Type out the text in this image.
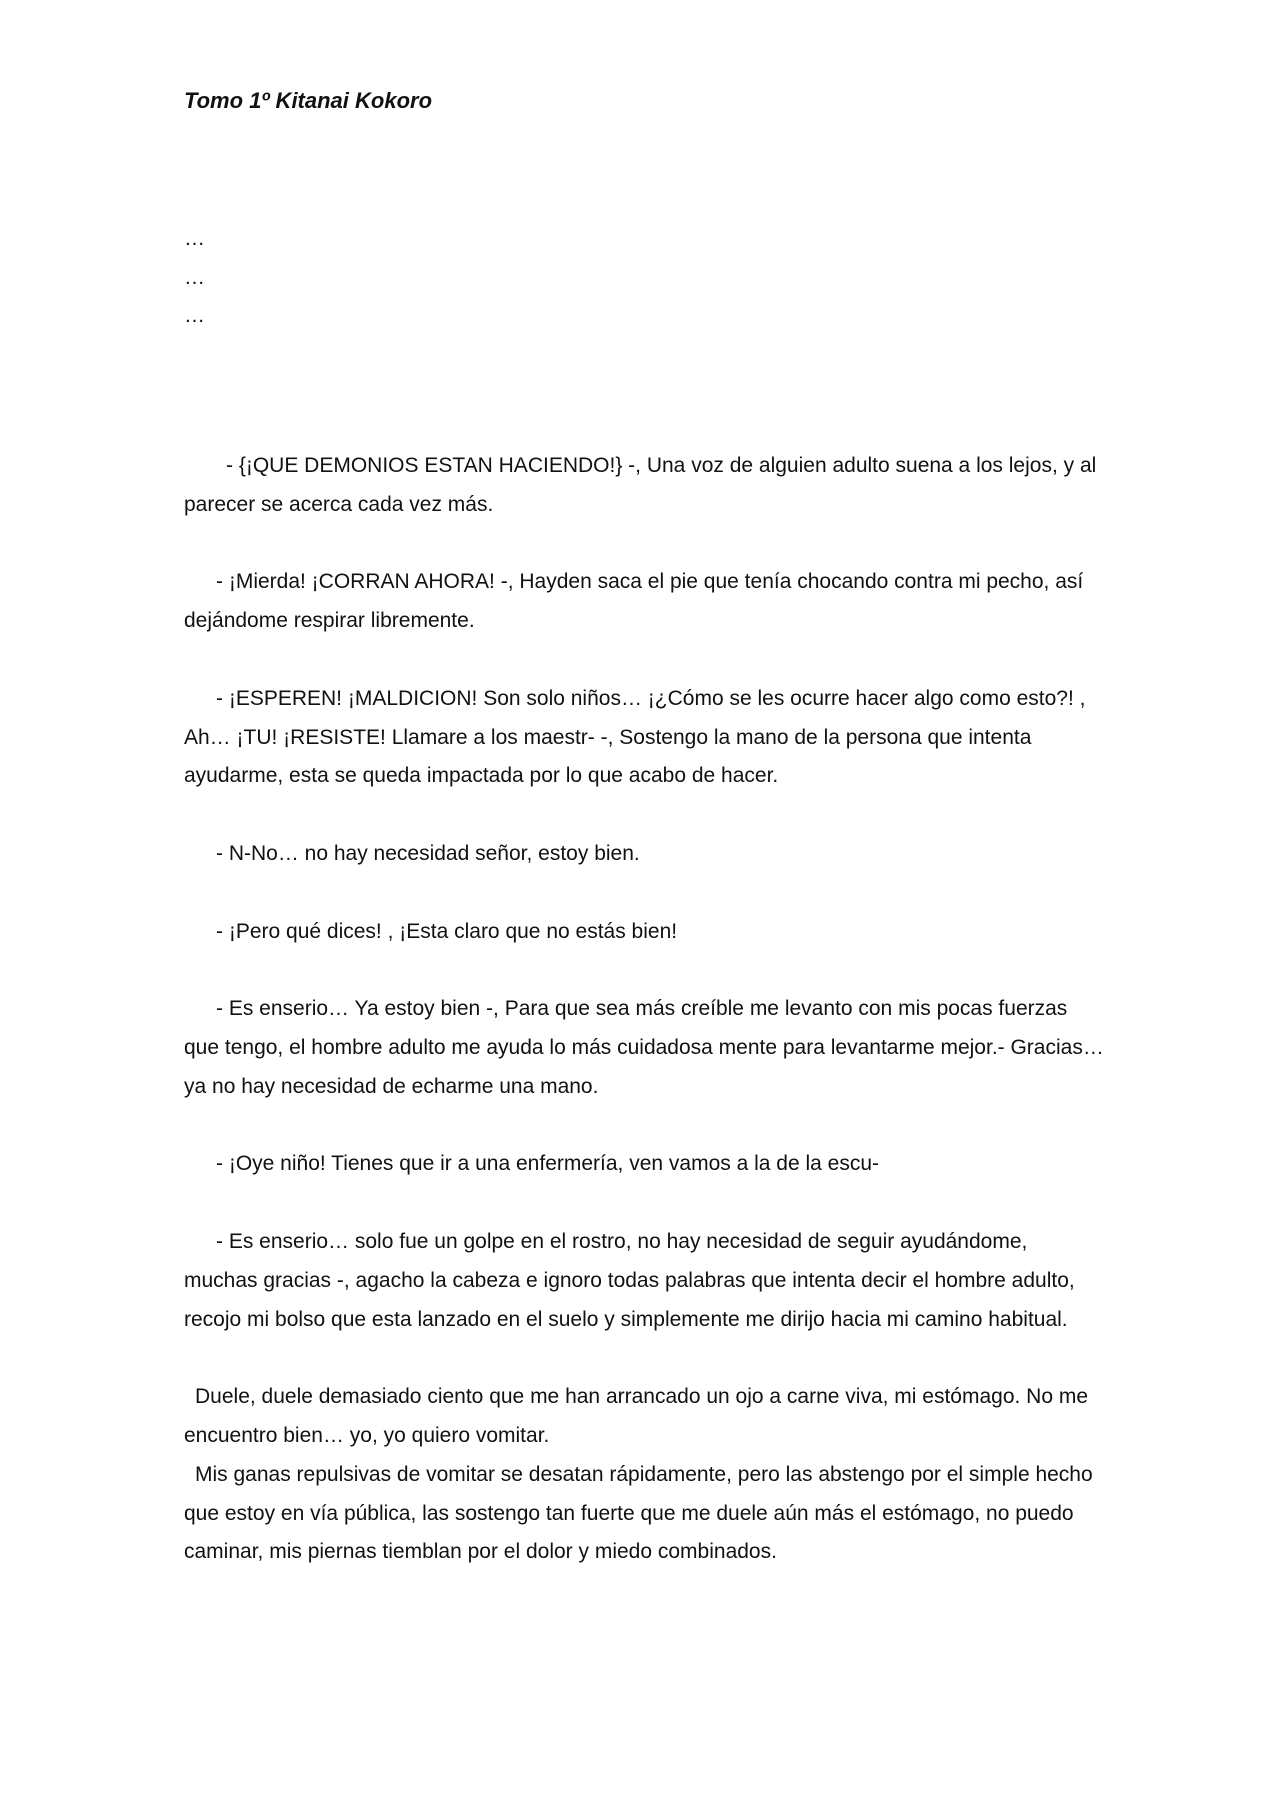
Tomo 1º Kitanai Kokoro
…
…
…

- {¡QUE DEMONIOS ESTAN HACIENDO!} -, Una voz de alguien adulto suena a los lejos, y al parecer se acerca cada vez más.

- ¡Mierda! ¡CORRAN AHORA! -, Hayden saca el pie que tenía chocando contra mi pecho, así dejándome respirar libremente.

- ¡ESPEREN! ¡MALDICION! Son solo niños… ¡¿Cómo se les ocurre hacer algo como esto?! , Ah… ¡TU! ¡RESISTE! Llamare a los maestr- -, Sostengo la mano de la persona que intenta ayudarme, esta se queda impactada por lo que acabo de hacer.

- N-No… no hay necesidad señor, estoy bien.

- ¡Pero qué dices! , ¡Esta claro que no estás bien!

- Es enserio… Ya estoy bien -, Para que sea más creíble me levanto con mis pocas fuerzas que tengo, el hombre adulto me ayuda lo más cuidadosa mente para levantarme mejor.- Gracias… ya no hay necesidad de echarme una mano.

- ¡Oye niño! Tienes que ir a una enfermería, ven vamos a la de la escu-

- Es enserio… solo fue un golpe en el rostro, no hay necesidad de seguir ayudándome, muchas gracias -, agacho la cabeza e ignoro todas palabras que intenta decir el hombre adulto, recojo mi bolso que esta lanzado en el suelo y simplemente me dirijo hacia mi camino habitual.

Duele, duele demasiado ciento que me han arrancado un ojo a carne viva, mi estómago. No me encuentro bien… yo, yo quiero vomitar.

Mis ganas repulsivas de vomitar se desatan rápidamente, pero las abstengo por el simple hecho que estoy en vía pública, las sostengo tan fuerte que me duele aún más el estómago, no puedo caminar, mis piernas tiemblan por el dolor y miedo combinados.
